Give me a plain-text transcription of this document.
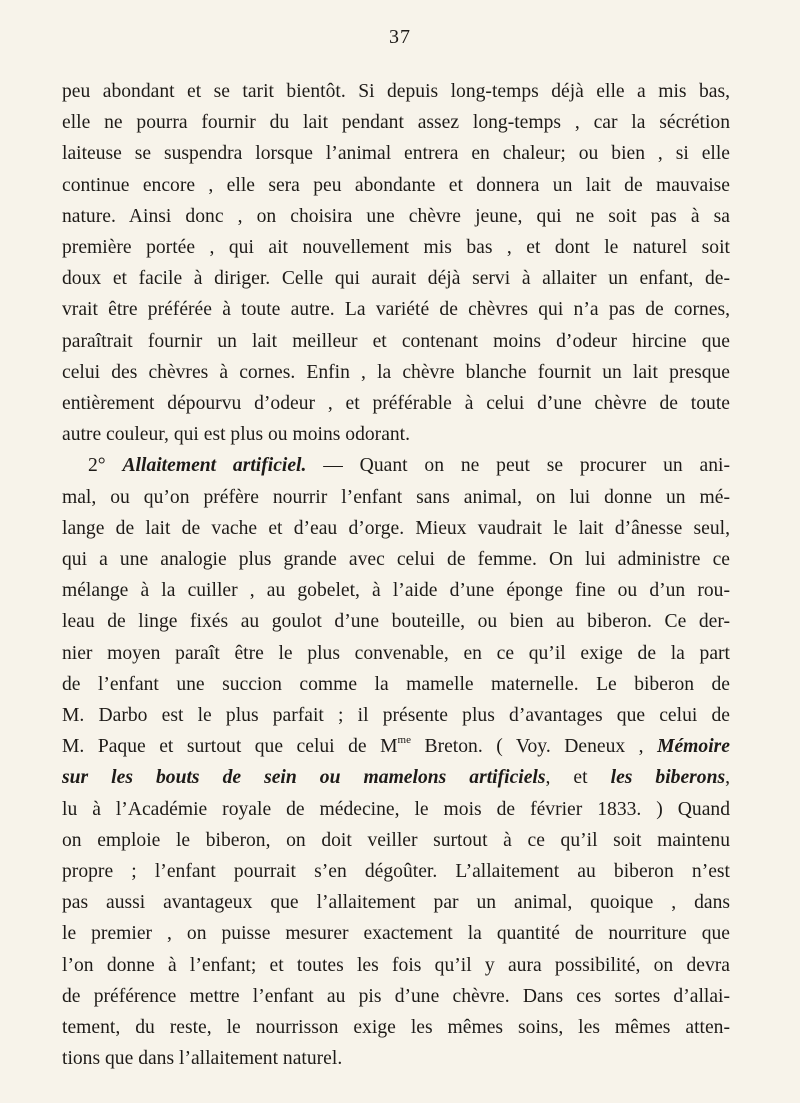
37
peu abondant et se tarit bientôt. Si depuis long-temps déjà elle a mis bas,
elle ne pourra fournir du lait pendant assez long-temps , car la sécrétion
laiteuse se suspendra lorsque l’animal entrera en chaleur; ou bien , si elle
continue encore , elle sera peu abondante et donnera un lait de mauvaise
nature. Ainsi donc , on choisira une chèvre jeune, qui ne soit pas à sa
première portée , qui ait nouvellement mis bas , et dont le naturel soit
doux et facile à diriger. Celle qui aurait déjà servi à allaiter un enfant, de-
vrait être préférée à toute autre. La variété de chèvres qui n’a pas de cornes,
paraîtrait fournir un lait meilleur et contenant moins d’odeur hircine que
celui des chèvres à cornes. Enfin , la chèvre blanche fournit un lait presque
entièrement dépourvu d’odeur , et préférable à celui d’une chèvre de toute
autre couleur, qui est plus ou moins odorant.
2° Allaitement artificiel. — Quant on ne peut se procurer un ani-
mal, ou qu’on préfère nourrir l’enfant sans animal, on lui donne un mé-
lange de lait de vache et d’eau d’orge. Mieux vaudrait le lait d’ânesse seul,
qui a une analogie plus grande avec celui de femme. On lui administre ce
mélange à la cuiller , au gobelet, à l’aide d’une éponge fine ou d’un rou-
leau de linge fixés au goulot d’une bouteille, ou bien au biberon. Ce der-
nier moyen paraît être le plus convenable, en ce qu’il exige de la part
de l’enfant une succion comme la mamelle maternelle. Le biberon de
M. Darbo est le plus parfait ; il présente plus d’avantages que celui de
M. Paque et surtout que celui de $M^{me}$ Breton. ( Voy. Deneux , Mémoire
sur les bouts de sein ou mamelons artificiels, et les biberons,
lu à l’Académie royale de médecine, le mois de février 1833. ) Quand
on emploie le biberon, on doit veiller surtout à ce qu’il soit maintenu
propre ; l’enfant pourrait s’en dégoûter. L’allaitement au biberon n’est
pas aussi avantageux que l’allaitement par un animal, quoique , dans
le premier , on puisse mesurer exactement la quantité de nourriture que
l’on donne à l’enfant; et toutes les fois qu’il y aura possibilité, on devra
de préférence mettre l’enfant au pis d’une chèvre. Dans ces sortes d’allai-
tement, du reste, le nourrisson exige les mêmes soins, les mêmes atten-
tions que dans l’allaitement naturel.
